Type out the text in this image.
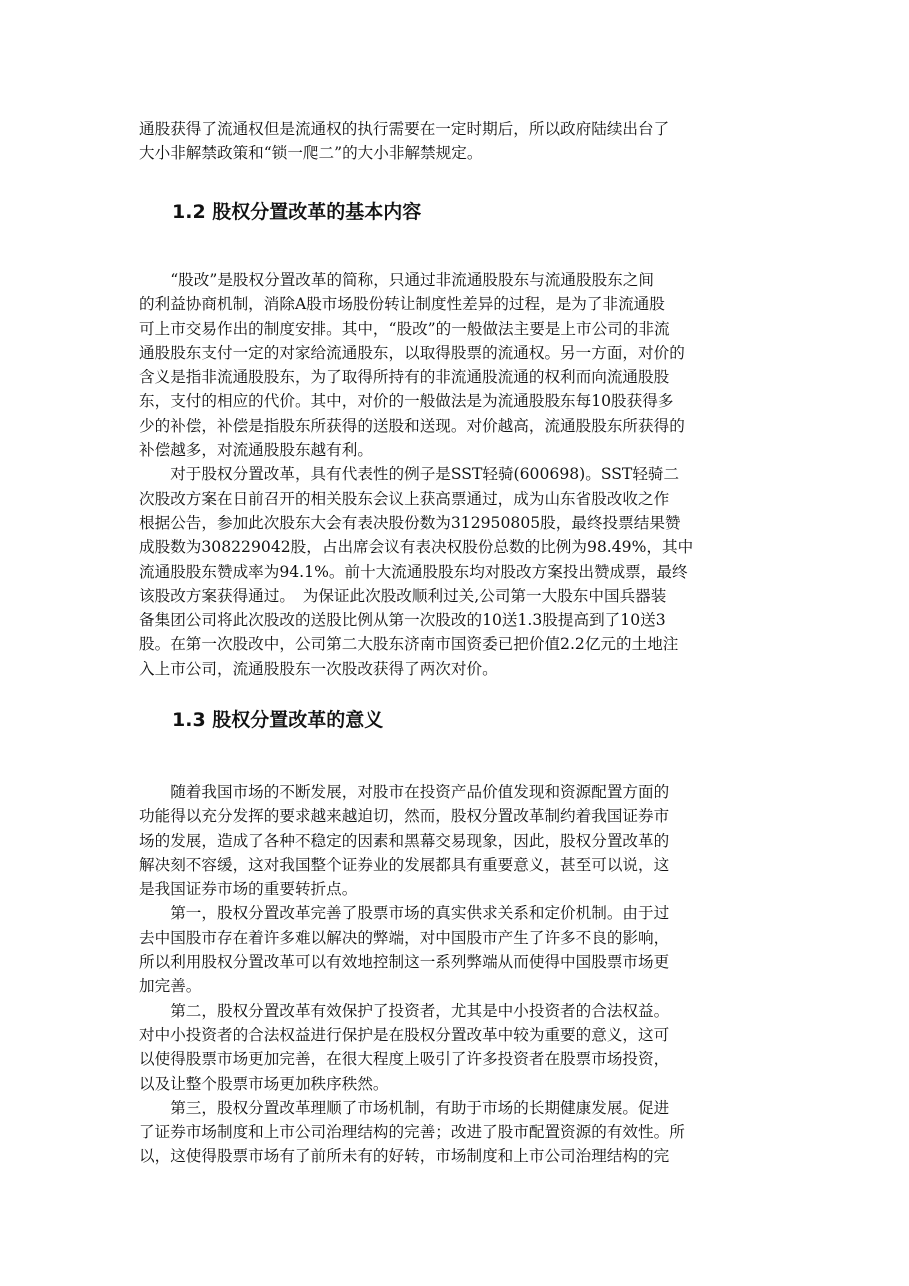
通股获得了流通权但是流通权的执行需要在一定时期后，所以政府陆续出台了
大小非解禁政策和“锁一爬二”的大小非解禁规定。
1.2 股权分置改革的基本内容
　　“股改”是股权分置改革的简称，只通过非流通股股东与流通股股东之间
的利益协商机制，消除A股市场股份转让制度性差异的过程，是为了非流通股
可上市交易作出的制度安排。其中，“股改”的一般做法主要是上市公司的非流
通股股东支付一定的对家给流通股东，以取得股票的流通权。另一方面，对价的
含义是指非流通股股东，为了取得所持有的非流通股流通的权利而向流通股股
东，支付的相应的代价。其中，对价的一般做法是为流通股股东每10股获得多
少的补偿，补偿是指股东所获得的送股和送现。对价越高，流通股股东所获得的
补偿越多，对流通股股东越有利。
　　对于股权分置改革，具有代表性的例子是SST轻骑(600698)。SST轻骑二
次股改方案在日前召开的相关股东会议上获高票通过，成为山东省股改收之作
根据公告，参加此次股东大会有表决股份数为312950805股，最终投票结果赞
成股数为308229042股，占出席会议有表决权股份总数的比例为98.49%，其中
流通股股东赞成率为94.1%。前十大流通股股东均对股改方案投出赞成票，最终
该股改方案获得通过。　为保证此次股改顺利过关,公司第一大股东中国兵器装
备集团公司将此次股改的送股比例从第一次股改的10送1.3股提高到了10送3
股。在第一次股改中，公司第二大股东济南市国资委已把价值2.2亿元的土地注
入上市公司，流通股股东一次股改获得了两次对价。
1.3 股权分置改革的意义
　　随着我国市场的不断发展，对股市在投资产品价值发现和资源配置方面的
功能得以充分发挥的要求越来越迫切，然而，股权分置改革制约着我国证券市
场的发展，造成了各种不稳定的因素和黑幕交易现象，因此，股权分置改革的
解决刻不容缓，这对我国整个证券业的发展都具有重要意义，甚至可以说，这
是我国证券市场的重要转折点。
　　第一，股权分置改革完善了股票市场的真实供求关系和定价机制。由于过
去中国股市存在着许多难以解决的弊端，对中国股市产生了许多不良的影响，
所以利用股权分置改革可以有效地控制这一系列弊端从而使得中国股票市场更
加完善。
　　第二，股权分置改革有效保护了投资者，尤其是中小投资者的合法权益。
对中小投资者的合法权益进行保护是在股权分置改革中较为重要的意义，这可
以使得股票市场更加完善，在很大程度上吸引了许多投资者在股票市场投资，
以及让整个股票市场更加秩序秩然。
　　第三，股权分置改革理顺了市场机制，有助于市场的长期健康发展。促进
了证券市场制度和上市公司治理结构的完善；改进了股市配置资源的有效性。所
以，这使得股票市场有了前所未有的好转，市场制度和上市公司治理结构的完
